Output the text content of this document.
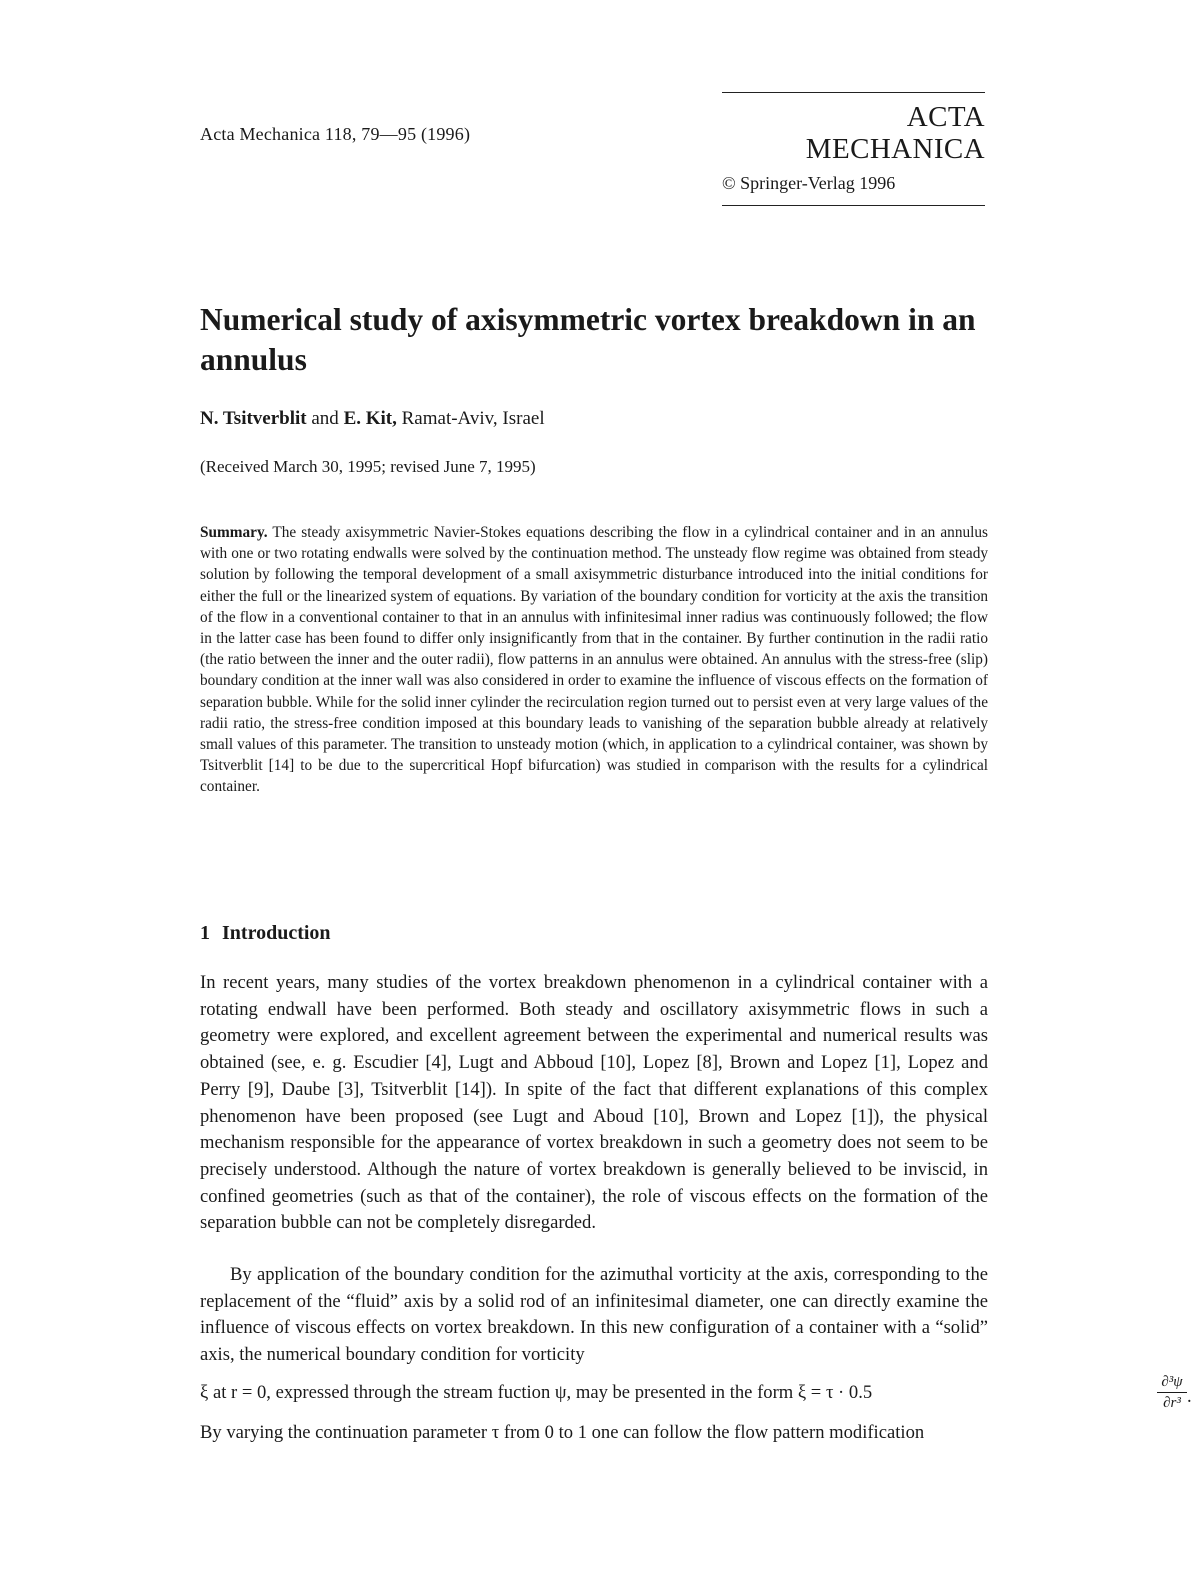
Acta Mechanica 118, 79—95 (1996)
ACTA MECHANICA
© Springer-Verlag 1996
Numerical study of axisymmetric vortex breakdown in an annulus
N. Tsitverblit and E. Kit, Ramat-Aviv, Israel
(Received March 30, 1995; revised June 7, 1995)

Summary. The steady axisymmetric Navier-Stokes equations describing the flow in a cylindrical container and in an annulus with one or two rotating endwalls were solved by the continuation method. The unsteady flow regime was obtained from steady solution by following the temporal development of a small axisymmetric disturbance introduced into the initial conditions for either the full or the linearized system of equations. By variation of the boundary condition for vorticity at the axis the transition of the flow in a conventional container to that in an annulus with infinitesimal inner radius was continuously followed; the flow in the latter case has been found to differ only insignificantly from that in the container. By further continution in the radii ratio (the ratio between the inner and the outer radii), flow patterns in an annulus were obtained. An annulus with the stress-free (slip) boundary condition at the inner wall was also considered in order to examine the influence of viscous effects on the formation of separation bubble. While for the solid inner cylinder the recirculation region turned out to persist even at very large values of the radii ratio, the stress-free condition imposed at this boundary leads to vanishing of the separation bubble already at relatively small values of this parameter. The transition to unsteady motion (which, in application to a cylindrical container, was shown by Tsitverblit [14] to be due to the supercritical Hopf bifurcation) was studied in comparison with the results for a cylindrical container.

1 Introduction

In recent years, many studies of the vortex breakdown phenomenon in a cylindrical container with a rotating endwall have been performed. Both steady and oscillatory axisymmetric flows in such a geometry were explored, and excellent agreement between the experimental and numerical results was obtained (see, e. g. Escudier [4], Lugt and Abboud [10], Lopez [8], Brown and Lopez [1], Lopez and Perry [9], Daube [3], Tsitverblit [14]). In spite of the fact that different explanations of this complex phenomenon have been proposed (see Lugt and Aboud [10], Brown and Lopez [1]), the physical mechanism responsible for the appearance of vortex breakdown in such a geometry does not seem to be precisely understood. Although the nature of vortex breakdown is generally believed to be inviscid, in confined geometries (such as that of the container), the role of viscous effects on the formation of the separation bubble can not be completely disregarded.

By application of the boundary condition for the azimuthal vorticity at the axis, corresponding to the replacement of the “fluid” axis by a solid rod of an infinitesimal diameter, one can directly examine the influence of viscous effects on vortex breakdown. In this new configuration of a container with a “solid” axis, the numerical boundary condition for vorticity

ξ at r = 0, expressed through the stream fuction ψ, may be presented in the form ξ = τ · 0.5	∂³ψ
∂r³ .
By varying the continuation parameter τ from 0 to 1 one can follow the flow pattern modification
